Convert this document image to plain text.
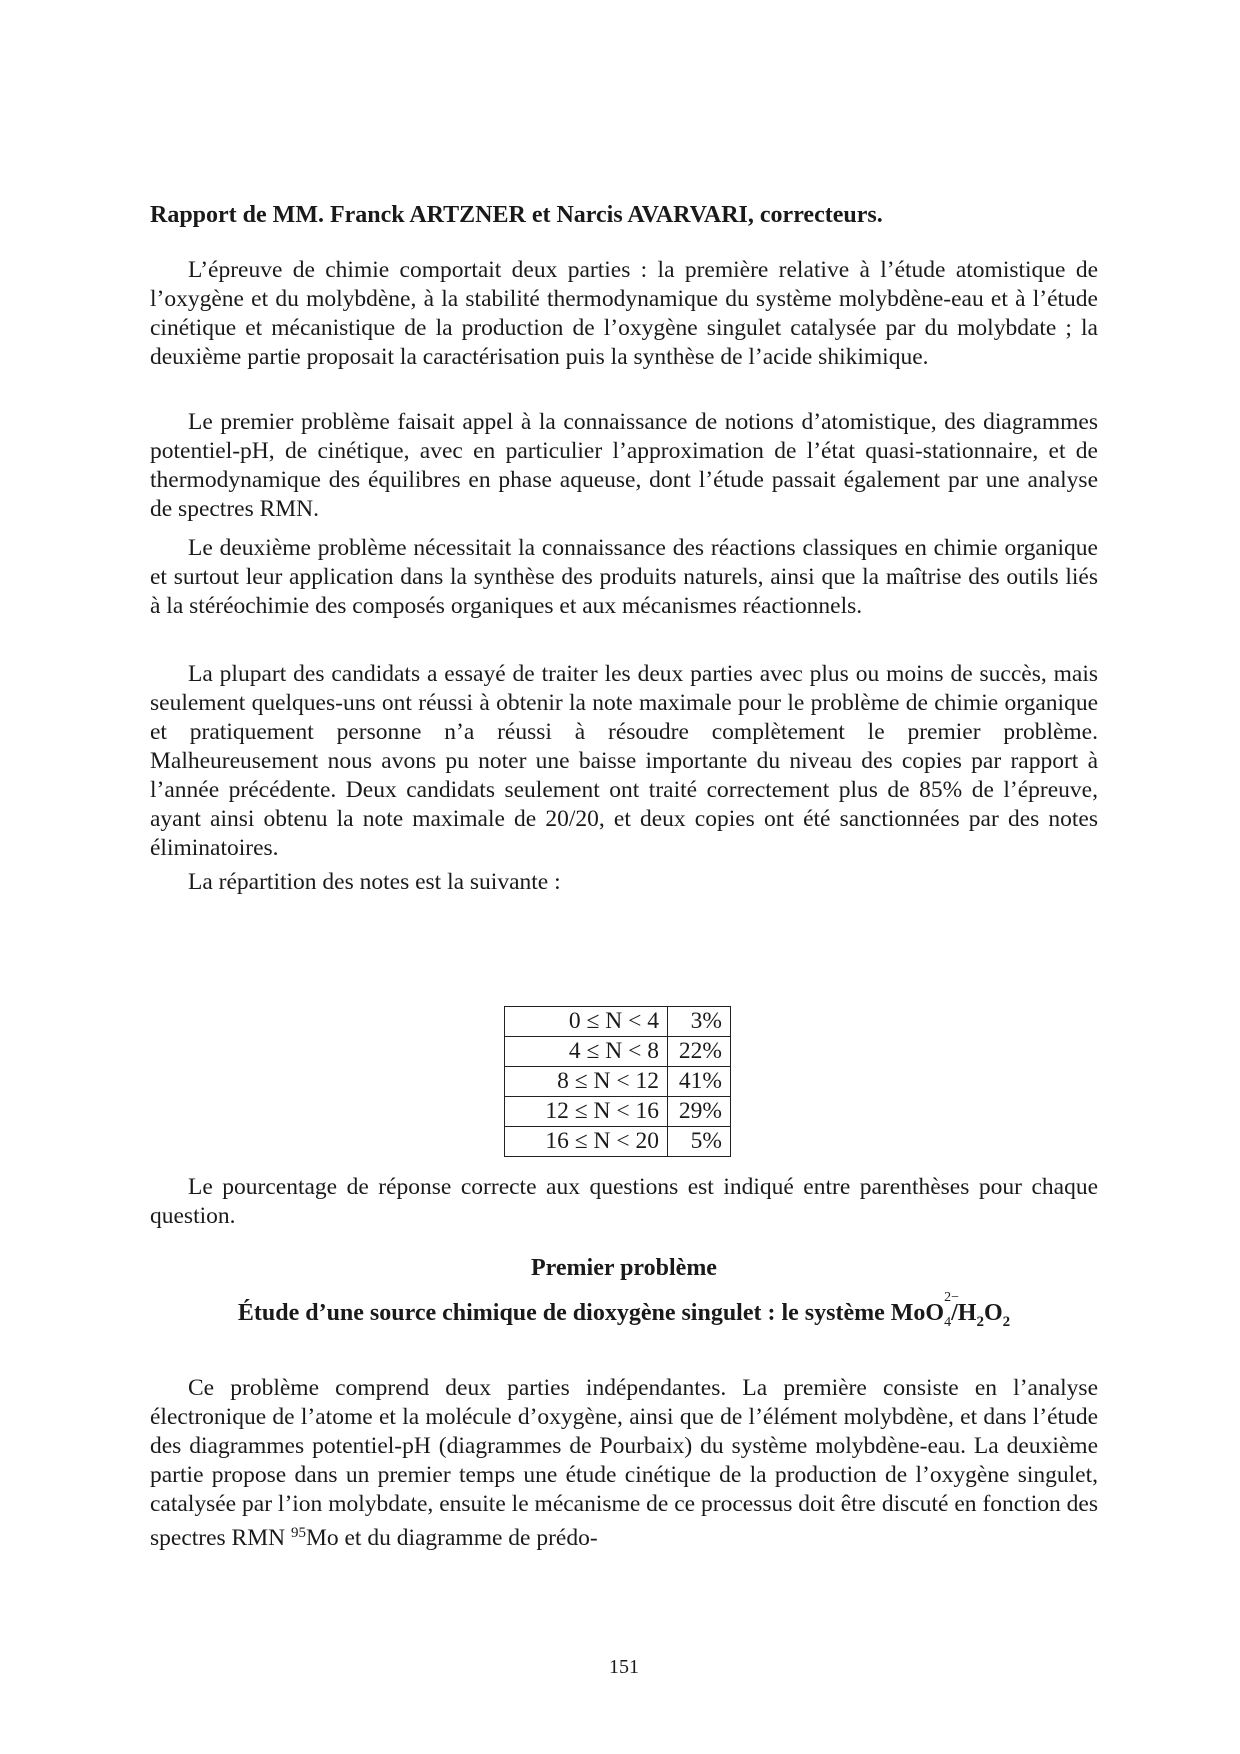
Rapport de MM. Franck ARTZNER et Narcis AVARVARI, correcteurs.

L’épreuve de chimie comportait deux parties : la première relative à l’étude atomistique de l’oxygène et du molybdène, à la stabilité thermodynamique du système molybdène-eau et à l’étude cinétique et mécanistique de la production de l’oxygène singulet catalysée par du molybdate ; la deuxième partie proposait la caractérisation puis la synthèse de l’acide shikimique.

Le premier problème faisait appel à la connaissance de notions d’atomistique, des diagrammes potentiel-pH, de cinétique, avec en particulier l’approximation de l’état quasi-stationnaire, et de thermodynamique des équilibres en phase aqueuse, dont l’étude passait également par une analyse de spectres RMN.

Le deuxième problème nécessitait la connaissance des réactions classiques en chimie organique et surtout leur application dans la synthèse des produits naturels, ainsi que la maîtrise des outils liés à la stéréochimie des composés organiques et aux mécanismes réactionnels.

La plupart des candidats a essayé de traiter les deux parties avec plus ou moins de succès, mais seulement quelques-uns ont réussi à obtenir la note maximale pour le problème de chimie organique et pratiquement personne n’a réussi à résoudre complètement le premier problème. Malheureusement nous avons pu noter une baisse importante du niveau des copies par rapport à l’année précédente. Deux candidats seulement ont traité correctement plus de 85% de l’épreuve, ayant ainsi obtenu la note maximale de 20/20, et deux copies ont été sanctionnées par des notes éliminatoires.

La répartition des notes est la suivante :

0 ≤ N < 4	3%
4 ≤ N < 8	22%
8 ≤ N < 12	41%
12 ≤ N < 16	29%
16 ≤ N < 20	5%

Le pourcentage de réponse correcte aux questions est indiqué entre parenthèses pour chaque question.

Premier problème
Étude d’une source chimique de dioxygène singulet : le système MoO
2−
$_4/H_2O_2$

Ce problème comprend deux parties indépendantes. La première consiste en l’analyse électronique de l’atome et la molécule d’oxygène, ainsi que de l’élément molybdène, et dans l’étude des diagrammes potentiel-pH (diagrammes de Pourbaix) du système molybdène-eau. La deuxième partie propose dans un premier temps une étude cinétique de la production de l’oxygène singulet, catalysée par l’ion molybdate, ensuite le mécanisme de ce processus doit être discuté en fonction des spectres RMN $^{95}$Mo et du diagramme de prédo-

151
